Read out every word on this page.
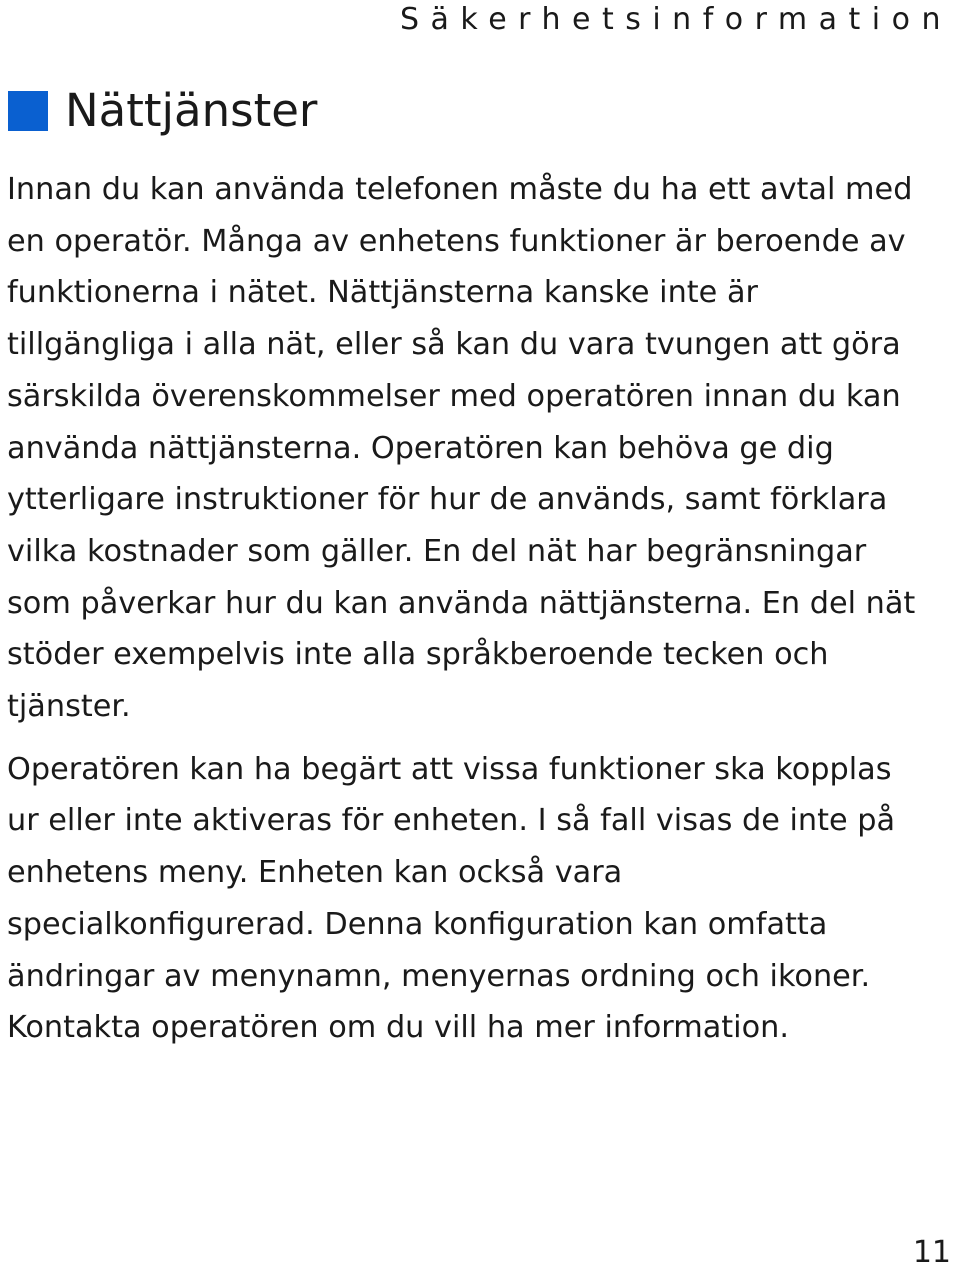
Säkerhetsinformation
Nättjänster

Innan du kan använda telefonen måste du ha ett avtal med
en operatör. Många av enhetens funktioner är beroende av
funktionerna i nätet. Nättjänsterna kanske inte är
tillgängliga i alla nät, eller så kan du vara tvungen att göra
särskilda överenskommelser med operatören innan du kan
använda nättjänsterna. Operatören kan behöva ge dig
ytterligare instruktioner för hur de används, samt förklara
vilka kostnader som gäller. En del nät har begränsningar
som påverkar hur du kan använda nättjänsterna. En del nät
stöder exempelvis inte alla språkberoende tecken och
tjänster.

Operatören kan ha begärt att vissa funktioner ska kopplas
ur eller inte aktiveras för enheten. I så fall visas de inte på
enhetens meny. Enheten kan också vara
specialkonfigurerad. Denna konfiguration kan omfatta
ändringar av menynamn, menyernas ordning och ikoner.
Kontakta operatören om du vill ha mer information.

11
